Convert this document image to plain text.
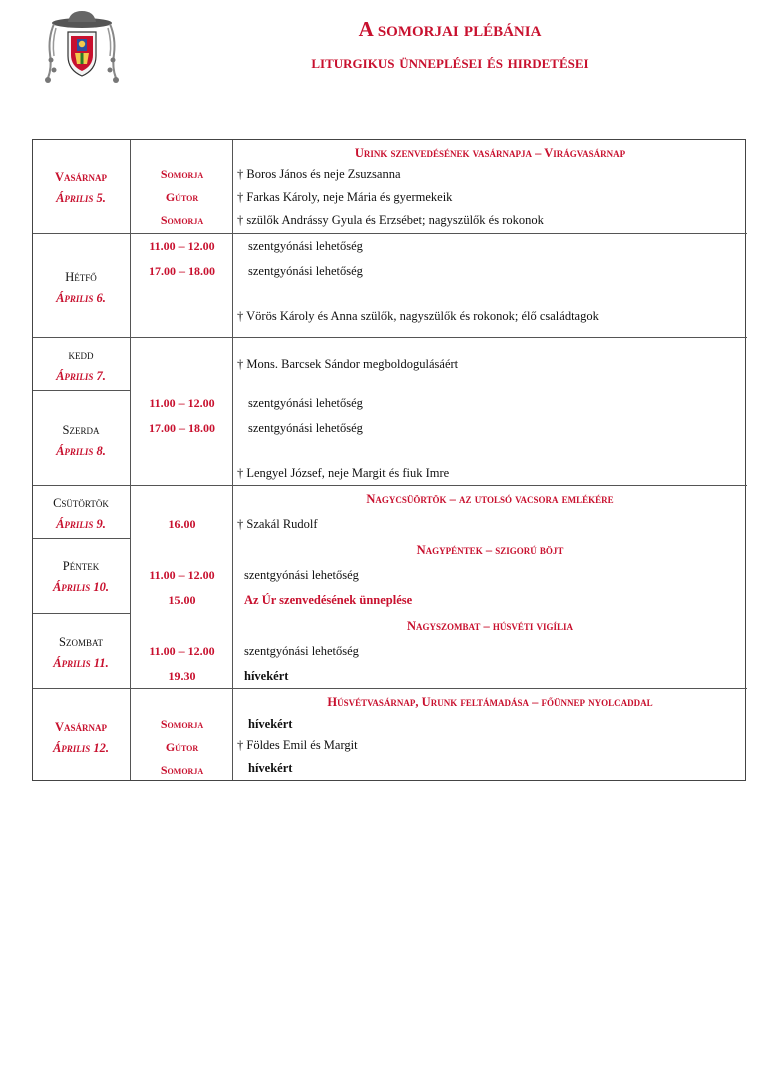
A somorjai plébánia
liturgikus ünneplései és hirdetései
Vasárnap
Április 5.
Somorja
Gútor
Somorja
Urink szenvedésének vasárnapja – Virágvasárnap
† Boros János és neje Zsuzsanna
† Farkas Károly, neje Mária és gyermekeik
† szülők Andrássy Gyula és Erzsébet; nagyszülők és rokonok
Hétfő
Április 6.
11.00 – 12.00
17.00 – 18.00
szentgyónási lehetőség
szentgyónási lehetőség
† Vörös Károly és Anna szülők, nagyszülők és rokonok; élő családtagok
kedd
Április 7.
Szerda
Április 8.
11.00 – 12.00
17.00 – 18.00
† Mons. Barcsek Sándor megboldogulásáért
szentgyónási lehetőség
szentgyónási lehetőség
† Lengyel József, neje Margit és fiuk Imre
Csütörtök
Április 9.	16.00
Nagycsüörtök – az utolsó vacsora emlékére
† Szakál Rudolf
Péntek
Április 10.
Nagypéntek – szigorú böjt
11.00 – 12.00
15.00
szentgyónási lehetőség
Az Úr szenvedésének ünneplése
Szombat
Április 11.
Nagyszombat – húsvéti vigília
11.00 – 12.00
19.30
szentgyónási lehetőség
hívekért
Vasárnap
Április 12.
Somorja
Gútor
Somorja
Húsvétvasárnap, Urunk feltámadása – főünnep nyolcaddal
hívekért
† Földes Emil és Margit
hívekért
